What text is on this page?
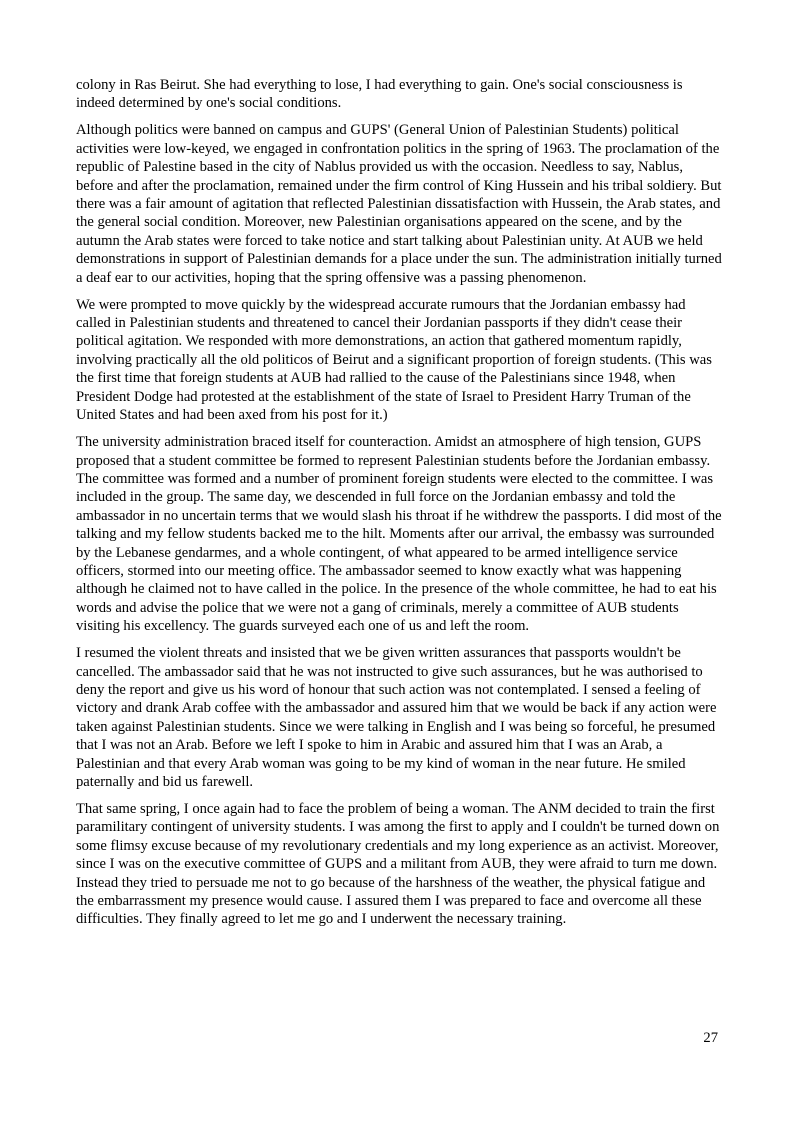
colony in Ras Beirut. She had everything to lose, I had everything to gain. One's social consciousness is indeed determined by one's social conditions.

Although politics were banned on campus and GUPS' (General Union of Palestinian Students) political activities were low-keyed, we engaged in confrontation politics in the spring of 1963. The proclamation of the republic of Palestine based in the city of Nablus provided us with the occasion. Needless to say, Nablus, before and after the proclamation, remained under the firm control of King Hussein and his tribal soldiery. But there was a fair amount of agitation that reflected Palestinian dissatisfaction with Hussein, the Arab states, and the general social condition. Moreover, new Palestinian organisations appeared on the scene, and by the autumn the Arab states were forced to take notice and start talking about Palestinian unity. At AUB we held demonstrations in support of Palestinian demands for a place under the sun. The administration initially turned a deaf ear to our activities, hoping that the spring offensive was a passing phenomenon.

We were prompted to move quickly by the widespread accurate rumours that the Jordanian embassy had called in Palestinian students and threatened to cancel their Jordanian passports if they didn't cease their political agitation. We responded with more demonstrations, an action that gathered momentum rapidly, involving practically all the old politicos of Beirut and a significant proportion of foreign students. (This was the first time that foreign students at AUB had rallied to the cause of the Palestinians since 1948, when President Dodge had protested at the establishment of the state of Israel to President Harry Truman of the United States and had been axed from his post for it.)

The university administration braced itself for counteraction. Amidst an atmosphere of high tension, GUPS proposed that a student committee be formed to represent Palestinian students before the Jordanian embassy. The committee was formed and a number of prominent foreign students were elected to the committee. I was included in the group. The same day, we descended in full force on the Jordanian embassy and told the ambassador in no uncertain terms that we would slash his throat if he withdrew the passports. I did most of the talking and my fellow students backed me to the hilt. Moments after our arrival, the embassy was surrounded by the Lebanese gendarmes, and a whole contingent, of what appeared to be armed intelligence service officers, stormed into our meeting office. The ambassador seemed to know exactly what was happening although he claimed not to have called in the police. In the presence of the whole committee, he had to eat his words and advise the police that we were not a gang of criminals, merely a committee of AUB students visiting his excellency. The guards surveyed each one of us and left the room.

I resumed the violent threats and insisted that we be given written assurances that passports wouldn't be cancelled. The ambassador said that he was not instructed to give such assurances, but he was authorised to deny the report and give us his word of honour that such action was not contemplated. I sensed a feeling of victory and drank Arab coffee with the ambassador and assured him that we would be back if any action were taken against Palestinian students. Since we were talking in English and I was being so forceful, he presumed that I was not an Arab. Before we left I spoke to him in Arabic and assured him that I was an Arab, a Palestinian and that every Arab woman was going to be my kind of woman in the near future. He smiled paternally and bid us farewell.

That same spring, I once again had to face the problem of being a woman. The ANM decided to train the first paramilitary contingent of university students. I was among the first to apply and I couldn't be turned down on some flimsy excuse because of my revolutionary credentials and my long experience as an activist. Moreover, since I was on the executive committee of GUPS and a militant from AUB, they were afraid to turn me down. Instead they tried to persuade me not to go because of the harshness of the weather, the physical fatigue and the embarrassment my presence would cause. I assured them I was prepared to face and overcome all these difficulties. They finally agreed to let me go and I underwent the necessary training.

27
